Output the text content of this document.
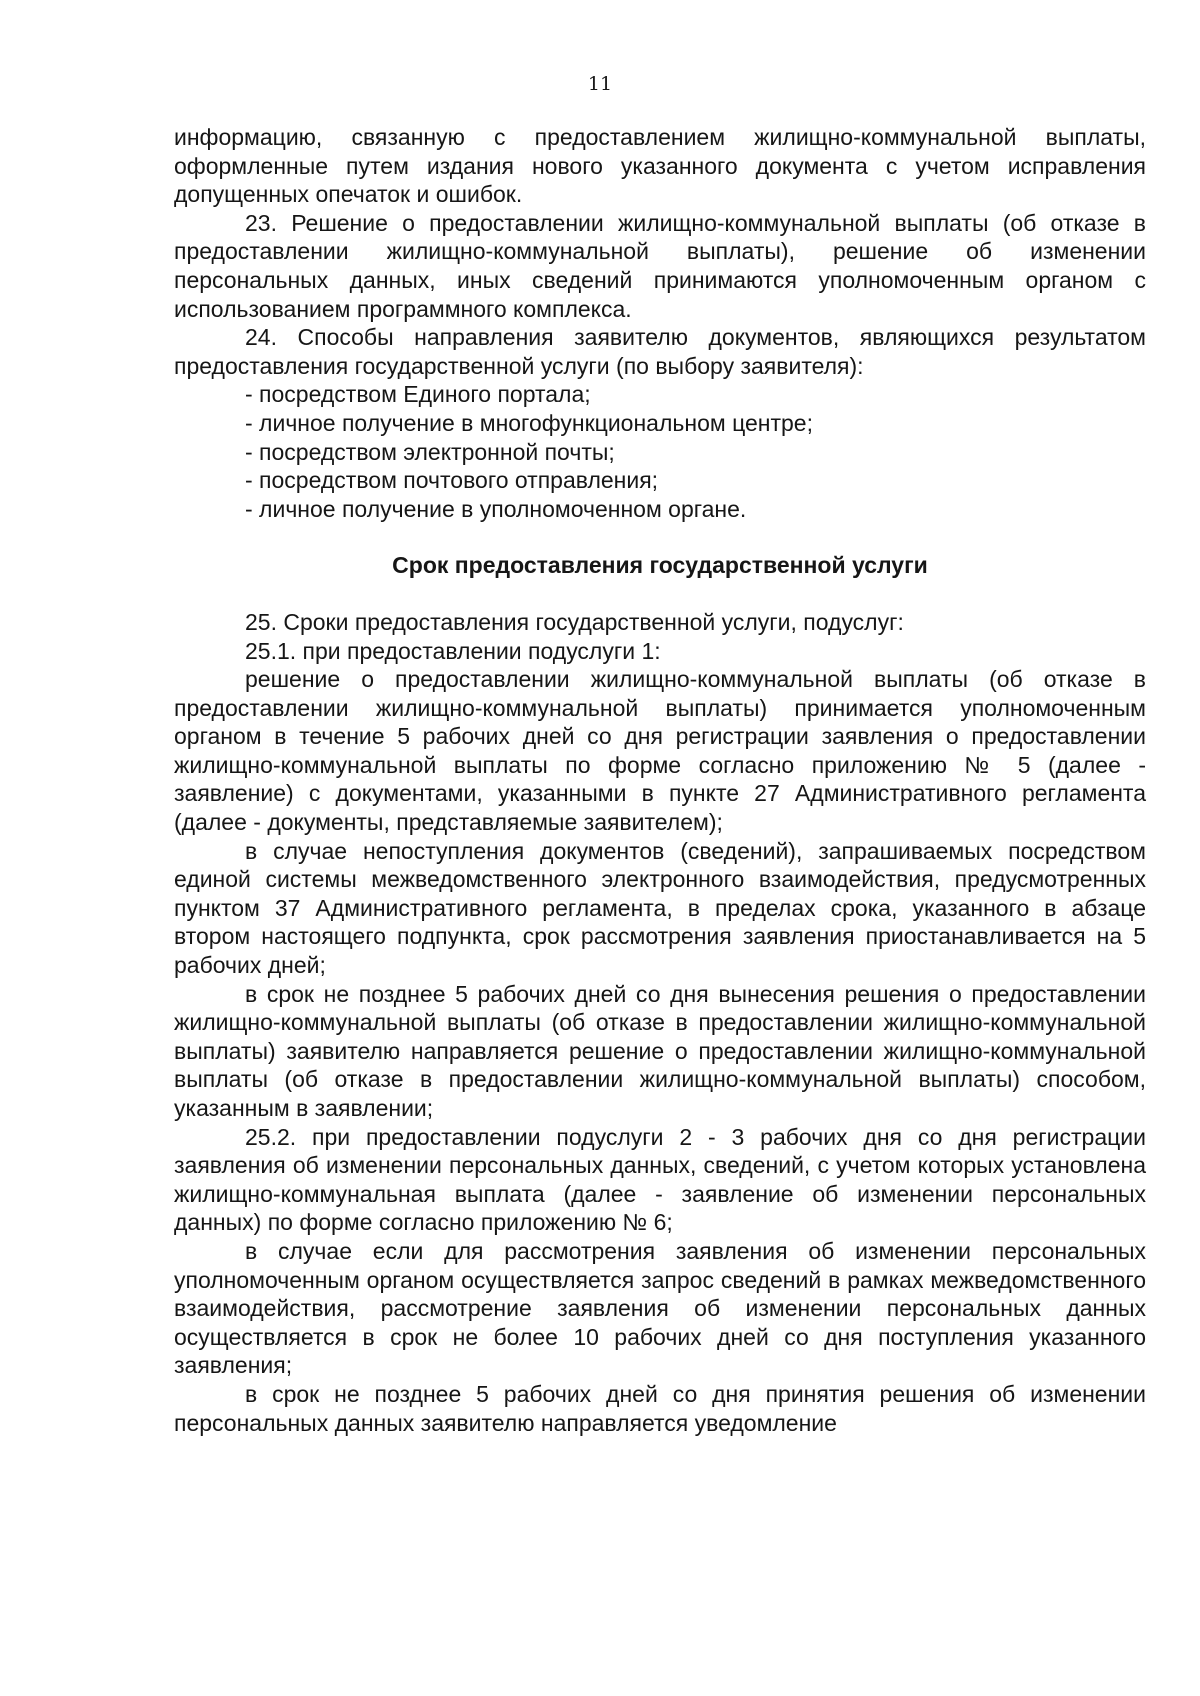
11

информацию, связанную с предоставлением жилищно-коммунальной выплаты, оформленные путем издания нового указанного документа с учетом исправления допущенных опечаток и ошибок.

23. Решение о предоставлении жилищно-коммунальной выплаты (об отказе в предоставлении жилищно-коммунальной выплаты), решение об изменении персональных данных, иных сведений принимаются уполномоченным органом с использованием программного комплекса.

24. Способы направления заявителю документов, являющихся результатом предоставления государственной услуги (по выбору заявителя):

- посредством Единого портала;

- личное получение в многофункциональном центре;

- посредством электронной почты;

- посредством почтового отправления;

- личное получение в уполномоченном органе.

Срок предоставления государственной услуги

25. Сроки предоставления государственной услуги, подуслуг:

25.1. при предоставлении подуслуги 1:

решение о предоставлении жилищно-коммунальной выплаты (об отказе в предоставлении жилищно-коммунальной выплаты) принимается уполномоченным органом в течение 5 рабочих дней со дня регистрации заявления о предоставлении жилищно-коммунальной выплаты по форме согласно приложению № 5 (далее - заявление) с документами, указанными в пункте 27 Административного регламента (далее - документы, представляемые заявителем);

в случае непоступления документов (сведений), запрашиваемых посредством единой системы межведомственного электронного взаимодействия, предусмотренных пунктом 37 Административного регламента, в пределах срока, указанного в абзаце втором настоящего подпункта, срок рассмотрения заявления приостанавливается на 5 рабочих дней;

в срок не позднее 5 рабочих дней со дня вынесения решения о предоставлении жилищно-коммунальной выплаты (об отказе в предоставлении жилищно-коммунальной выплаты) заявителю направляется решение о предоставлении жилищно-коммунальной выплаты (об отказе в предоставлении жилищно-коммунальной выплаты) способом, указанным в заявлении;

25.2. при предоставлении подуслуги 2 - 3 рабочих дня со дня регистрации заявления об изменении персональных данных, сведений, с учетом которых установлена жилищно-коммунальная выплата (далее - заявление об изменении персональных данных) по форме согласно приложению № 6;

в случае если для рассмотрения заявления об изменении персональных уполномоченным органом осуществляется запрос сведений в рамках межведомственного взаимодействия, рассмотрение заявления об изменении персональных данных осуществляется в срок не более 10 рабочих дней со дня поступления указанного заявления;

в срок не позднее 5 рабочих дней со дня принятия решения об изменении персональных данных заявителю направляется уведомление
